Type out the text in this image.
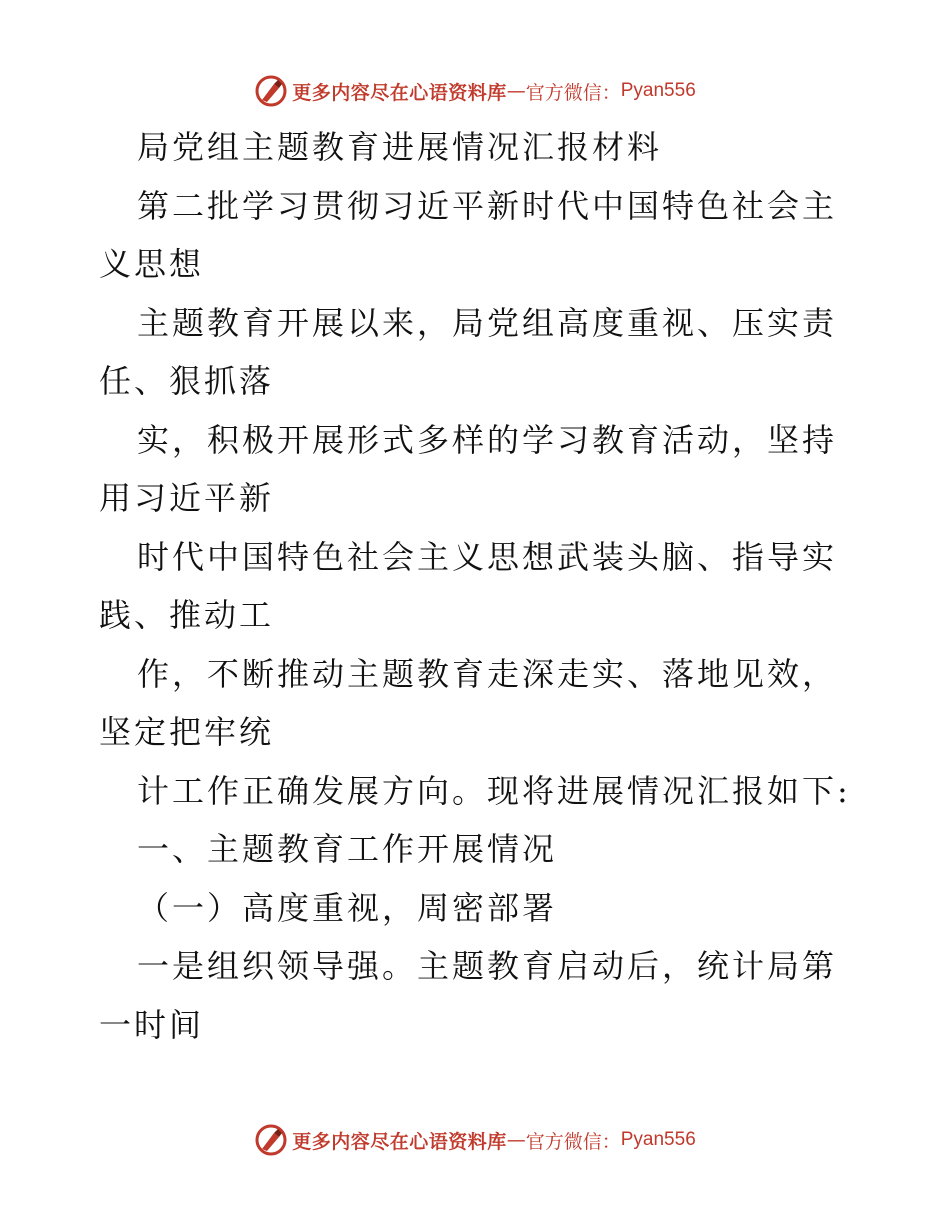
更多内容尽在心语资料库 — 官方微信： Pyan556

局党组主题教育进展情况汇报材料

第二批学习贯彻习近平新时代中国特色社会主义思想

主题教育开展以来，局党组高度重视、压实责任、狠抓落

实，积极开展形式多样的学习教育活动，坚持用习近平新

时代中国特色社会主义思想武装头脑、指导实践、推动工

作，不断推动主题教育走深走实、落地见效，坚定把牢统

计工作正确发展方向。现将进展情况汇报如下:

一、主题教育工作开展情况

（一）高度重视，周密部署

一是组织领导强。主题教育启动后，统计局第一时间

更多内容尽在心语资料库 — 官方微信： Pyan556
